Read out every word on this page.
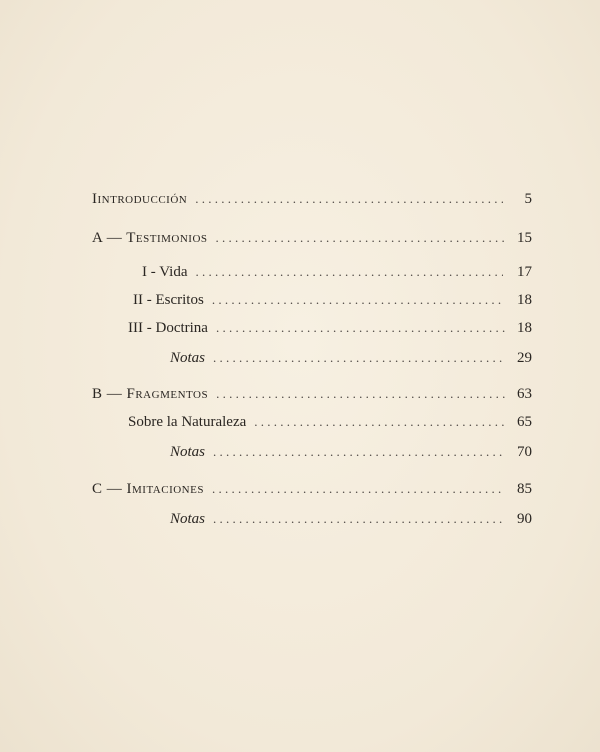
Iintroducción . . .	5
A — Testimonios . . .	15
I - Vida . . .	17
II - Escritos . . .	18
III - Doctrina . . .	18
Notas . . .	29
B — Fragmentos . . .	63
Sobre la Naturaleza . . .	65
Notas . . .	70
C — Imitaciones . . .	85
Notas . . .	90
